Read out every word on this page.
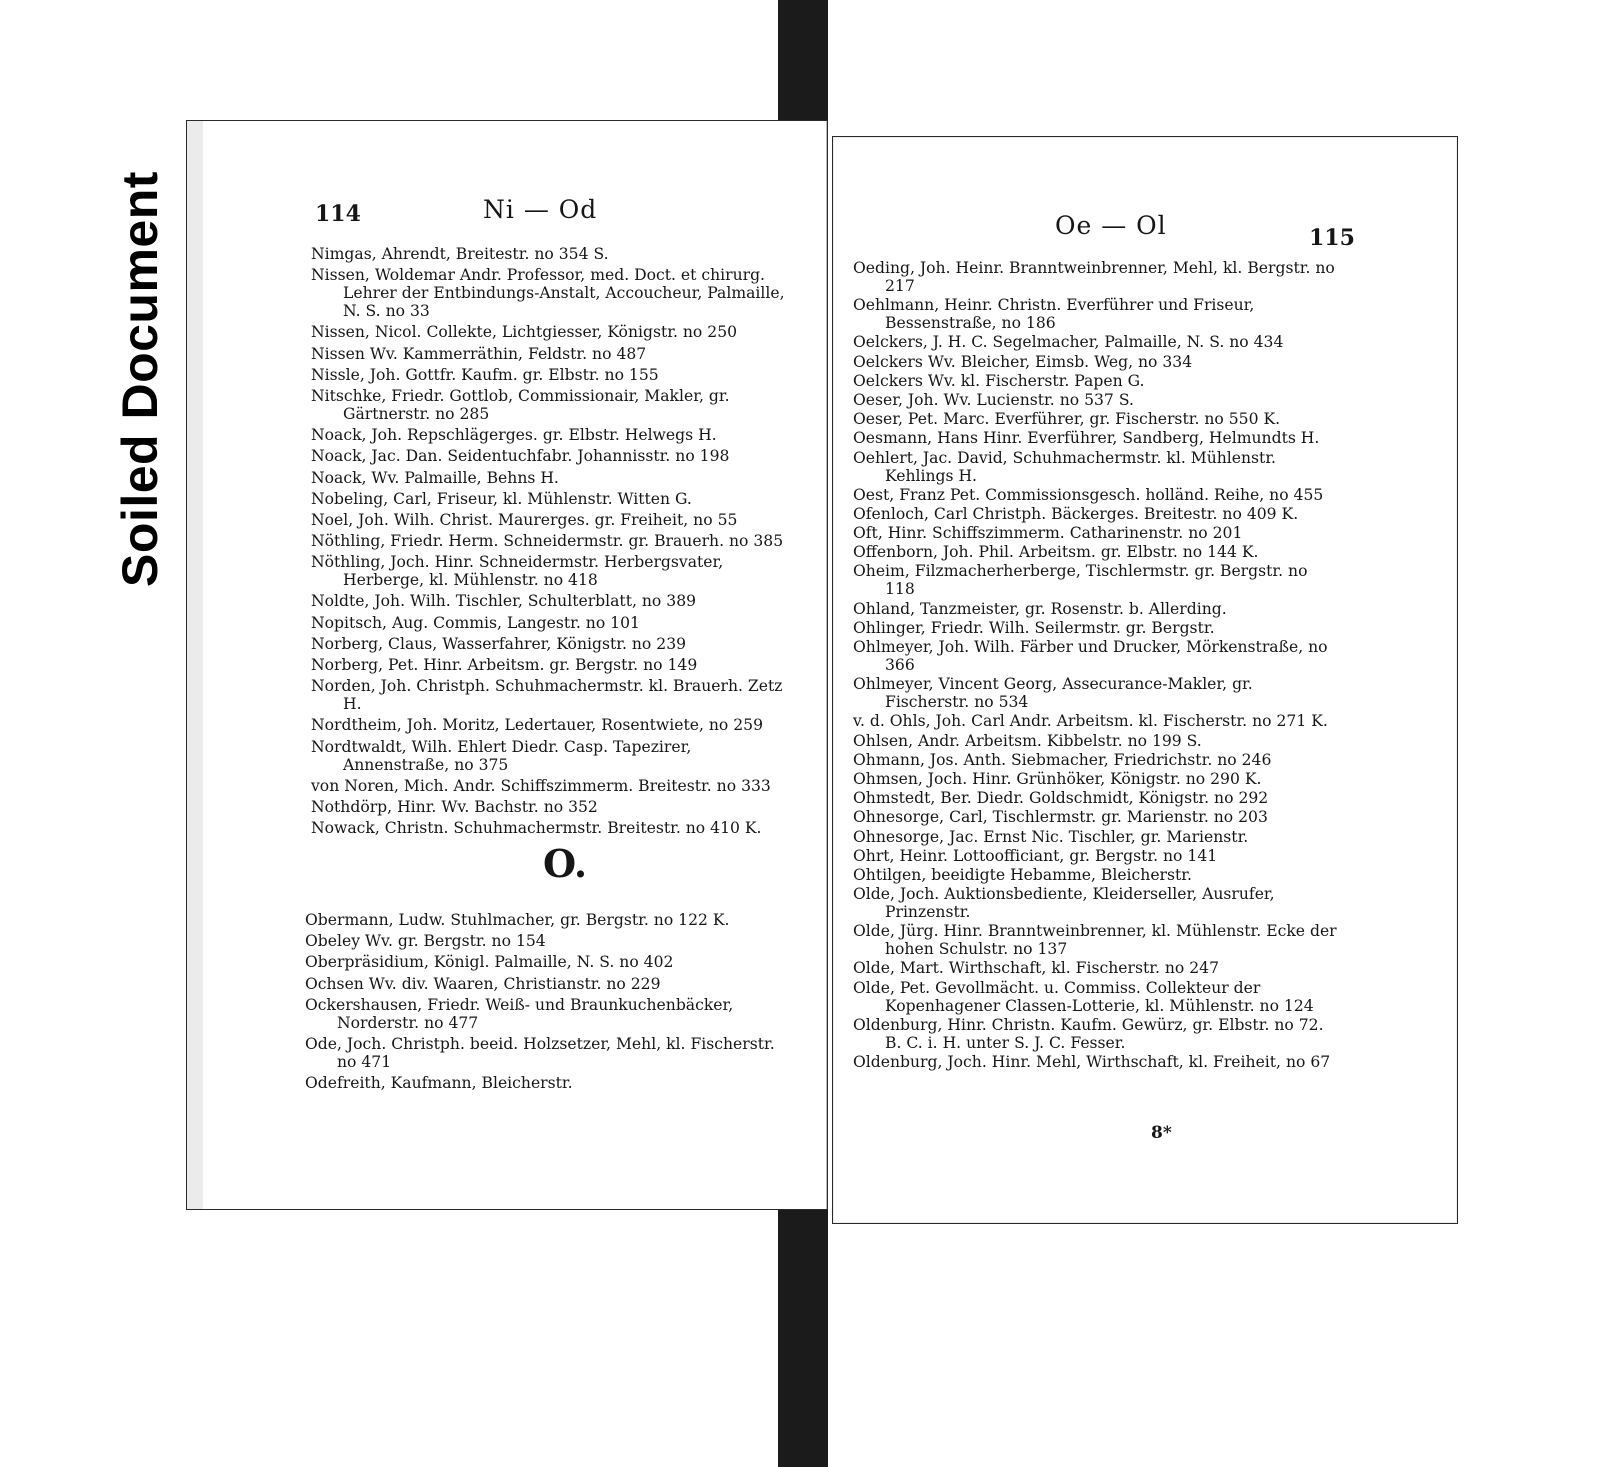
Soiled Document	114	Ni — Od
Nimgas, Ahrendt, Breitestr. no 354 S.
Nissen, Woldemar Andr. Professor, med. Doct. et chirurg. Lehrer der Entbindungs-Anstalt, Accoucheur, Palmaille, N. S. no 33
Nissen, Nicol. Collekte, Lichtgiesser, Königstr. no 250
Nissen Wv. Kammerräthin, Feldstr. no 487
Nissle, Joh. Gottfr. Kaufm. gr. Elbstr. no 155
Nitschke, Friedr. Gottlob, Commissionair, Makler, gr. Gärtnerstr. no 285
Noack, Joh. Repschlägerges. gr. Elbstr. Helwegs H.
Noack, Jac. Dan. Seidentuchfabr. Johannisstr. no 198
Noack, Wv. Palmaille, Behns H.
Nobeling, Carl, Friseur, kl. Mühlenstr. Witten G.
Noel, Joh. Wilh. Christ. Maurerges. gr. Freiheit, no 55
Nöthling, Friedr. Herm. Schneidermstr. gr. Brauerh. no 385
Nöthling, Joch. Hinr. Schneidermstr. Herbergsvater, Herberge, kl. Mühlenstr. no 418
Noldte, Joh. Wilh. Tischler, Schulterblatt, no 389
Nopitsch, Aug. Commis, Langestr. no 101
Norberg, Claus, Wasserfahrer, Königstr. no 239
Norberg, Pet. Hinr. Arbeitsm. gr. Bergstr. no 149
Norden, Joh. Christph. Schuhmachermstr. kl. Brauerh. Zetz H.
Nordtheim, Joh. Moritz, Ledertauer, Rosentwiete, no 259
Nordtwaldt, Wilh. Ehlert Diedr. Casp. Tapezirer, Annenstraße, no 375
von Noren, Mich. Andr. Schiffszimmerm. Breitestr. no 333
Nothdörp, Hinr. Wv. Bachstr. no 352
Nowack, Christn. Schuhmachermstr. Breitestr. no 410 K.
O.
Obermann, Ludw. Stuhlmacher, gr. Bergstr. no 122 K.
Obeley Wv. gr. Bergstr. no 154
Oberpräsidium, Königl. Palmaille, N. S. no 402
Ochsen Wv. div. Waaren, Christianstr. no 229
Ockershausen, Friedr. Weiß- und Braunkuchenbäcker, Norderstr. no 477
Ode, Joch. Christph. beeid. Holzsetzer, Mehl, kl. Fischerstr. no 471
Odefreith, Kaufmann, Bleicherstr.
Oe — Ol	115
Oeding, Joh. Heinr. Branntweinbrenner, Mehl, kl. Bergstr. no 217
Oehlmann, Heinr. Christn. Everführer und Friseur, Bessenstraße, no 186
Oelckers, J. H. C. Segelmacher, Palmaille, N. S. no 434
Oelckers Wv. Bleicher, Eimsb. Weg, no 334
Oelckers Wv. kl. Fischerstr. Papen G.
Oeser, Joh. Wv. Lucienstr. no 537 S.
Oeser, Pet. Marc. Everführer, gr. Fischerstr. no 550 K.
Oesmann, Hans Hinr. Everführer, Sandberg, Helmundts H.
Oehlert, Jac. David, Schuhmachermstr. kl. Mühlenstr. Kehlings H.
Oest, Franz Pet. Commissionsgesch. holländ. Reihe, no 455
Ofenloch, Carl Christph. Bäckerges. Breitestr. no 409 K.
Oft, Hinr. Schiffszimmerm. Catharinenstr. no 201
Offenborn, Joh. Phil. Arbeitsm. gr. Elbstr. no 144 K.
Oheim, Filzmacherherberge, Tischlermstr. gr. Bergstr. no 118
Ohland, Tanzmeister, gr. Rosenstr. b. Allerding.
Ohlinger, Friedr. Wilh. Seilermstr. gr. Bergstr.
Ohlmeyer, Joh. Wilh. Färber und Drucker, Mörkenstraße, no 366
Ohlmeyer, Vincent Georg, Assecurance-Makler, gr. Fischerstr. no 534
v. d. Ohls, Joh. Carl Andr. Arbeitsm. kl. Fischerstr. no 271 K.
Ohlsen, Andr. Arbeitsm. Kibbelstr. no 199 S.
Ohmann, Jos. Anth. Siebmacher, Friedrichstr. no 246
Ohmsen, Joch. Hinr. Grünhöker, Königstr. no 290 K.
Ohmstedt, Ber. Diedr. Goldschmidt, Königstr. no 292
Ohnesorge, Carl, Tischlermstr. gr. Marienstr. no 203
Ohnesorge, Jac. Ernst Nic. Tischler, gr. Marienstr.
Ohrt, Heinr. Lottoofficiant, gr. Bergstr. no 141
Ohtilgen, beeidigte Hebamme, Bleicherstr.
Olde, Joch. Auktionsbediente, Kleiderseller, Ausrufer, Prinzenstr.
Olde, Jürg. Hinr. Branntweinbrenner, kl. Mühlenstr. Ecke der hohen Schulstr. no 137
Olde, Mart. Wirthschaft, kl. Fischerstr. no 247
Olde, Pet. Gevollmächt. u. Commiss. Collekteur der Kopenhagener Classen-Lotterie, kl. Mühlenstr. no 124
Oldenburg, Hinr. Christn. Kaufm. Gewürz, gr. Elbstr. no 72. B. C. i. H. unter S. J. C. Fesser.
Oldenburg, Joch. Hinr. Mehl, Wirthschaft, kl. Freiheit, no 67
8*
